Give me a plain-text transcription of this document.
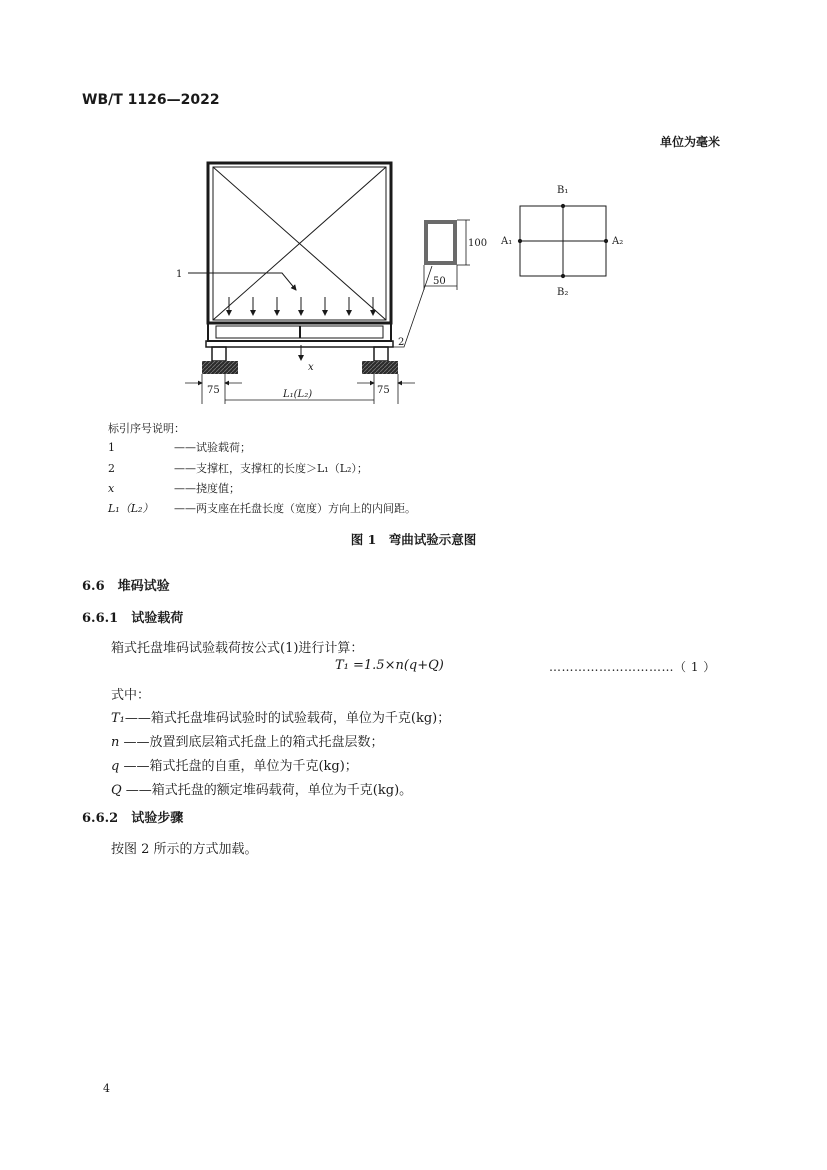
WB/T 1126—2022
单位为毫米
x
1
2
100
50
75	75
L₁(L₂)
B₁
B₂
A₁	A₂
标引序号说明：
1	——试验载荷；
2	——支撑杠，支撑杠的长度＞L₁（L₂）；
x	——挠度值；
L₁（L₂） ——两支座在托盘长度（宽度）方向上的内间距。
图 1　弯曲试验示意图
6.6　堆码试验
6.6.1　试验载荷
箱式托盘堆码试验载荷按公式(1)进行计算：
T₁ =1.5×n(q+Q)	…………………………（ 1 ）
式中：
T₁——箱式托盘堆码试验时的试验载荷，单位为千克(kg)；
n ——放置到底层箱式托盘上的箱式托盘层数；
q ——箱式托盘的自重，单位为千克(kg)；
Q ——箱式托盘的额定堆码载荷，单位为千克(kg)。
6.6.2　试验步骤
按图 2 所示的方式加载。
4
